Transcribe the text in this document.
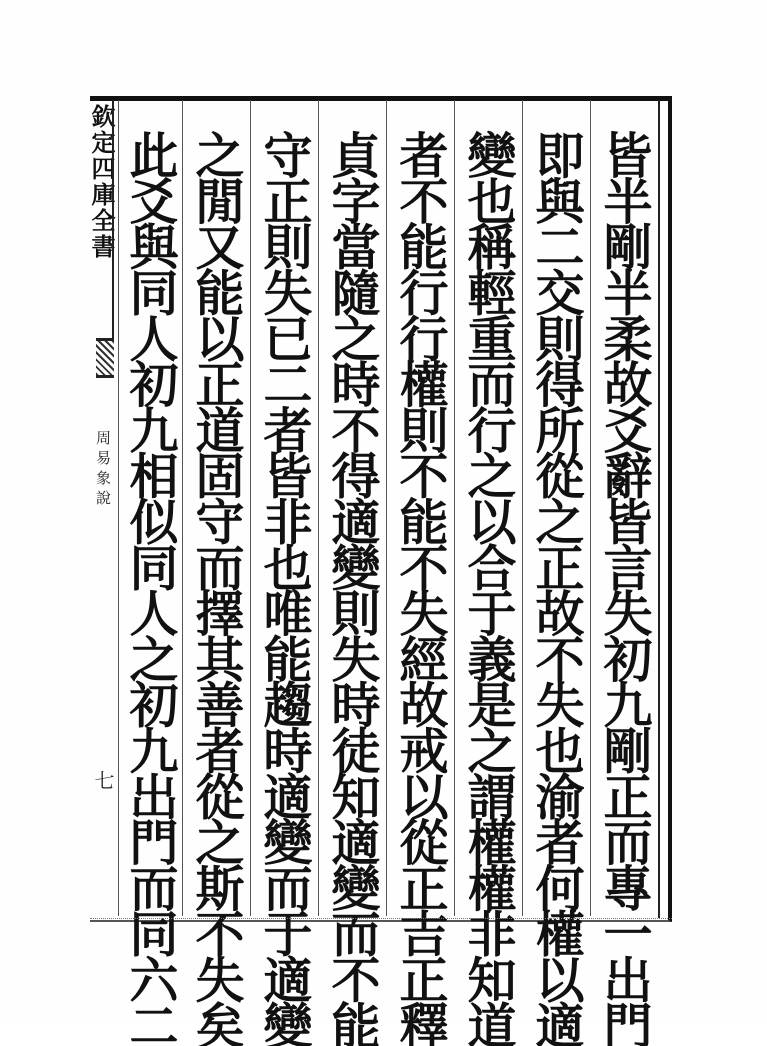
皆半剛半柔故爻辭皆言失初九剛正而專一出門
即與二交則得所從之正故不失也渝者何權以適
變也稱輕重而行之以合于義是之謂權權非知道
者不能行行權則不能不失經故戒以從正吉正釋
貞字當隨之時不得適變則失時徒知適變而不能
守正則失已二者皆非也唯能趨時適變而于適變
之閒又能以正道固守而擇其善者從之斯不失矣
此爻與同人初九相似同人之初九出門而同六二
欽定四庫全書
周易象說
七
